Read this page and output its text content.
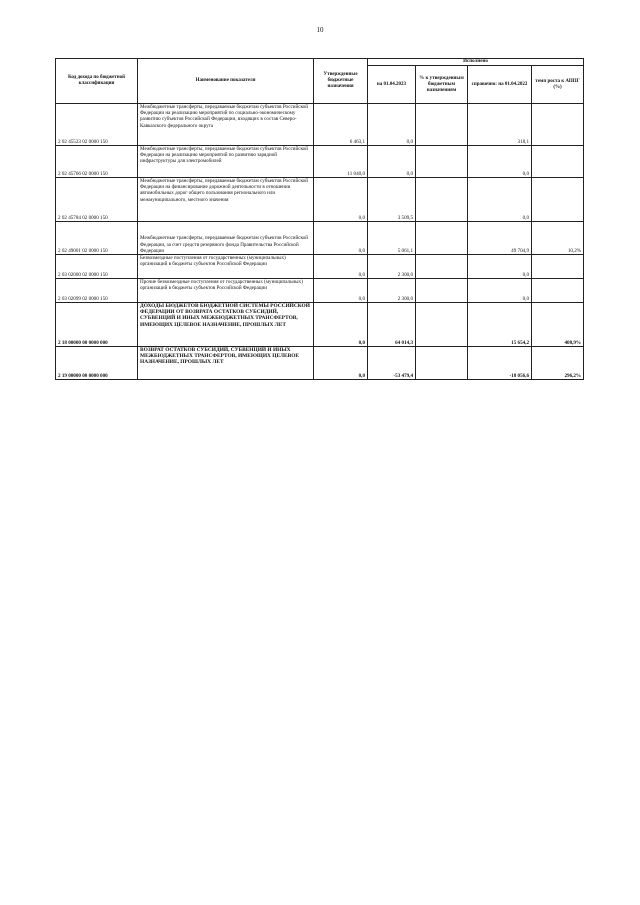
10
Код дохода по бюджетной классификации	Наименование показателя	Утвержденные бюджетные назначения	Исполнено			
			на 01.04.2023	% к утвержденным бюджетным назначениям	справочно: на 01.04.2022	темп роста к АППГ (%)
2 02 45523 02 0000 150	Межбюджетные трансферты, передаваемые бюджетам субъектов Российской Федерации на реализацию мероприятий по социально-экономическому развитию субъектов Российской Федерации, входящих в состав Северо-Кавказского федерального округа	6 463,1	0,0		318,1	
2 02 45766 02 0000 150	Межбюджетные трансферты, передаваемые бюджетам субъектов Российской Федерации на реализацию мероприятий по развитию зарядной инфраструктуры для электромобилей	11 040,0	0,0		0,0	
2 02 45784 02 0000 150	Межбюджетные трансферты, передаваемые бюджетам субъектов Российской Федерации на финансирование дорожной деятельности в отношении автомобильных дорог общего пользования регионального или межмуниципального, местного значения	0,0	3 509,5		0,0	
2 02 49001 02 0000 150	Межбюджетные трансферты, передаваемые бюджетам субъектов Российской Федерации, за счет средств резервного фонда Правительства Российской Федерации	0,0	5 061,1		49 704,9	10,2%
2 03 02000 02 0000 150	Безвозмездные поступления от государственных (муниципальных) организаций в бюджеты субъектов Российской Федерации	0,0	2 300,0		0,0	
2 03 02099 02 0000 150	Прочие безвозмездные поступления от государственных (муниципальных) организаций в бюджеты субъектов Российской Федерации	0,0	2 300,0		0,0	
2 18 00000 00 0000 000	ДОХОДЫ БЮДЖЕТОВ БЮДЖЕТНОЙ СИСТЕМЫ РОССИЙСКОЙ ФЕДЕРАЦИИ ОТ ВОЗВРАТА ОСТАТКОВ СУБСИДИЙ, СУБВЕНЦИЙ И ИНЫХ МЕЖБЮДЖЕТНЫХ ТРАНСФЕРТОВ, ИМЕЮЩИХ ЦЕЛЕВОЕ НАЗНАЧЕНИЕ, ПРОШЛЫХ ЛЕТ	0,0	64 014,3		15 654,2	408,9%
2 19 00000 00 0000 000	ВОЗВРАТ ОСТАТКОВ СУБСИДИЙ, СУБВЕНЦИЙ И ИНЫХ МЕЖБЮДЖЕТНЫХ ТРАНСФЕРТОВ, ИМЕЮЩИХ ЦЕЛЕВОЕ НАЗНАЧЕНИЕ, ПРОШЛЫХ ЛЕТ	0,0	-53 479,4		-18 056,6	296,2%
